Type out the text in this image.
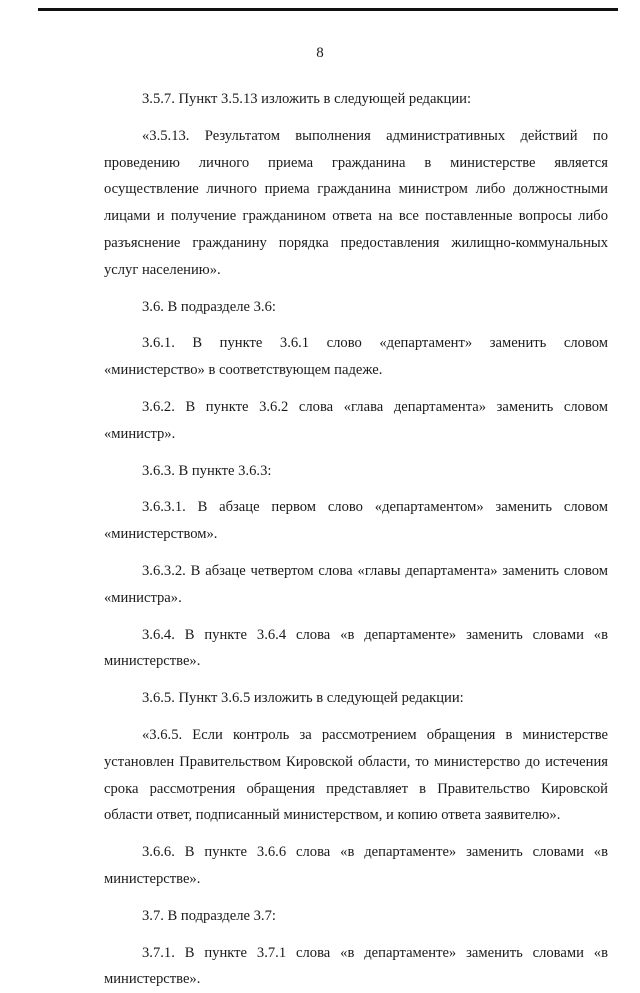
8

3.5.7. Пункт 3.5.13 изложить в следующей редакции:

«3.5.13. Результатом выполнения административных действий по проведению личного приема гражданина в министерстве является осуществление личного приема гражданина министром либо должностными лицами и получение гражданином ответа на все поставленные вопросы либо разъяснение гражданину порядка предоставления жилищно-коммунальных услуг населению».

3.6. В подразделе 3.6:

3.6.1. В пункте 3.6.1 слово «департамент» заменить словом «министерство» в соответствующем падеже.

3.6.2. В пункте 3.6.2 слова «глава департамента» заменить словом «министр».

3.6.3. В пункте 3.6.3:

3.6.3.1. В абзаце первом слово «департаментом» заменить словом «министерством».

3.6.3.2. В абзаце четвертом слова «главы департамента» заменить словом «министра».

3.6.4. В пункте 3.6.4 слова «в департаменте» заменить словами «в министерстве».

3.6.5. Пункт 3.6.5 изложить в следующей редакции:

«3.6.5. Если контроль за рассмотрением обращения в министерстве установлен Правительством Кировской области, то министерство до истечения срока рассмотрения обращения представляет в Правительство Кировской области ответ, подписанный министерством, и копию ответа заявителю».

3.6.6. В пункте 3.6.6 слова «в департаменте» заменить словами «в министерстве».

3.7. В подразделе 3.7:

3.7.1. В пункте 3.7.1 слова «в департаменте» заменить словами «в министерстве».
